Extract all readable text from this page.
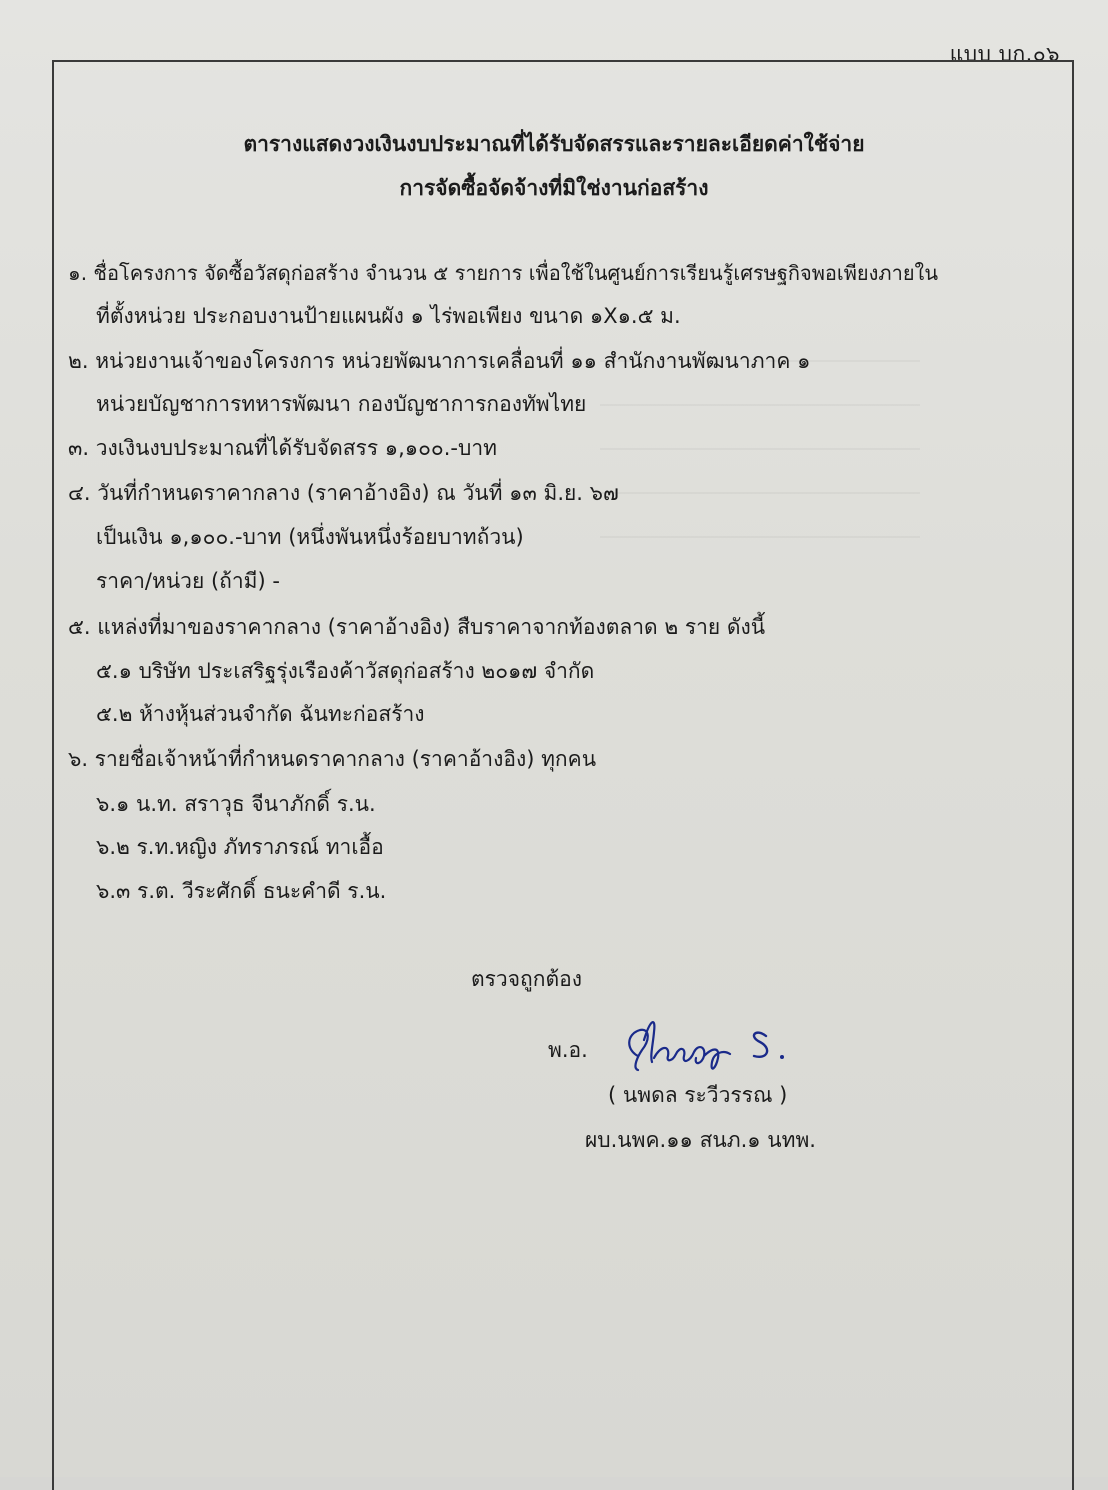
แบบ บก.๐๖
ตารางแสดงวงเงินงบประมาณที่ได้รับจัดสรรและรายละเอียดค่าใช้จ่าย
การจัดซื้อจัดจ้างที่มิใช่งานก่อสร้าง
๑. ชื่อโครงการ จัดซื้อวัสดุก่อสร้าง จำนวน ๕ รายการ เพื่อใช้ในศูนย์การเรียนรู้เศรษฐกิจพอเพียงภายใน
ที่ตั้งหน่วย ประกอบงานป้ายแผนผัง ๑ ไร่พอเพียง ขนาด ๑X๑.๕ ม.
๒. หน่วยงานเจ้าของโครงการ หน่วยพัฒนาการเคลื่อนที่ ๑๑ สำนักงานพัฒนาภาค ๑
หน่วยบัญชาการทหารพัฒนา กองบัญชาการกองทัพไทย
๓. วงเงินงบประมาณที่ได้รับจัดสรร ๑,๑๐๐.-บาท
๔. วันที่กำหนดราคากลาง (ราคาอ้างอิง) ณ วันที่ ๑๓ มิ.ย. ๖๗
เป็นเงิน ๑,๑๐๐.-บาท (หนึ่งพันหนึ่งร้อยบาทถ้วน)
ราคา/หน่วย (ถ้ามี) -
๕. แหล่งที่มาของราคากลาง (ราคาอ้างอิง) สืบราคาจากท้องตลาด ๒ ราย ดังนี้
๕.๑ บริษัท ประเสริฐรุ่งเรืองค้าวัสดุก่อสร้าง ๒๐๑๗ จำกัด
๕.๒ ห้างหุ้นส่วนจำกัด ฉันทะก่อสร้าง
๖. รายชื่อเจ้าหน้าที่กำหนดราคากลาง (ราคาอ้างอิง) ทุกคน
๖.๑ น.ท. สราวุธ จีนาภักดิ์ ร.น.
๖.๒ ร.ท.หญิง ภัทราภรณ์ ทาเอื้อ
๖.๓ ร.ต. วีระศักดิ์ ธนะคำดี ร.น.
ตรวจถูกต้อง
พ.อ.
( นพดล ระวีวรรณ )
ผบ.นพค.๑๑ สนภ.๑ นทพ.
